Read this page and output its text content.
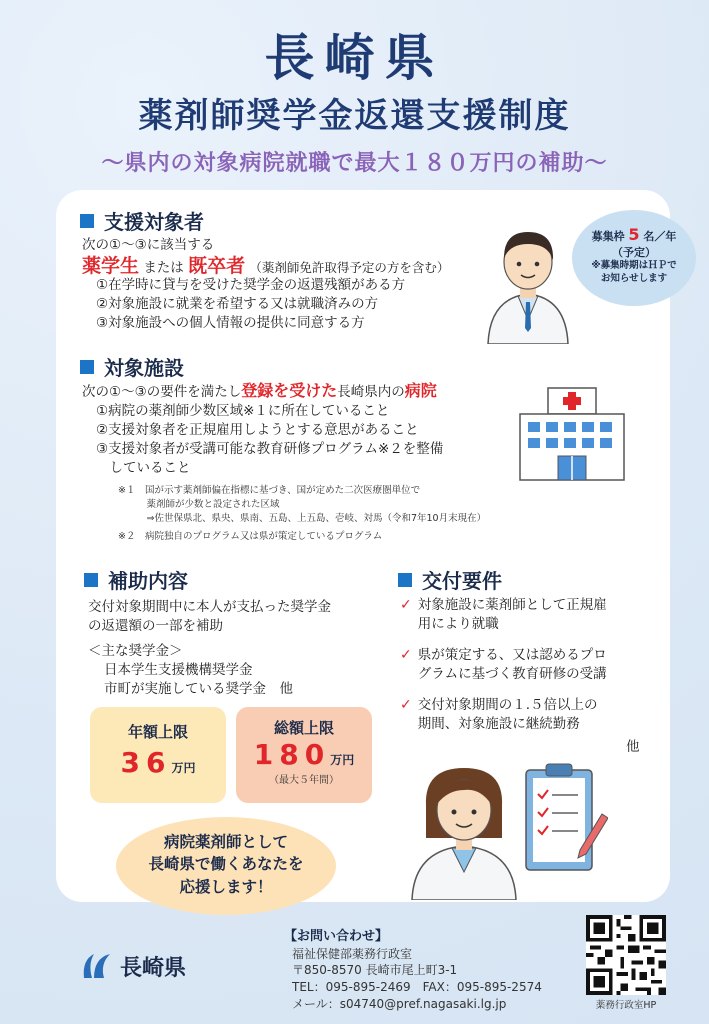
長崎県
薬剤師奨学金返還支援制度
〜県内の対象病院就職で最大１８０万円の補助〜
募集枠 5 名／年
（予定）
※募集時期はＨＰで
お知らせします
支援対象者
次の①〜③に該当する
薬学生 または 既卒者 （薬剤師免許取得予定の方を含む）
①在学時に貸与を受けた奨学金の返還残額がある方
②対象施設に就業を希望する又は就職済みの方
③対象施設への個人情報の提供に同意する方
対象施設
次の①〜③の要件を満たし登録を受けた長崎県内の病院
①病院の薬剤師少数区域※１に所在していること
②支援対象者を正規雇用しようとする意思があること
③支援対象者が受講可能な教育研修プログラム※２を整備
　していること
※１　国が示す薬剤師偏在指標に基づき、国が定めた二次医療圏単位で
　　　薬剤師が少数と設定された区域
　　　⇒佐世保県北、県央、県南、五島、上五島、壱岐、対馬（令和7年10月末現在）
※２　病院独自のプログラム又は県が策定しているプログラム
補助内容
交付対象期間中に本人が支払った奨学金
の返還額の一部を補助
＜主な奨学金＞
日本学生支援機構奨学金
市町が実施している奨学金　他
年額上限
36万円
総額上限
180万円
（最大５年間）
交付要件
✓ 対象施設に薬剤師として正規雇
用により就職
✓ 県が策定する、又は認めるプロ
グラムに基づく教育研修の受講
✓ 交付対象期間の１.５倍以上の
期間、対象施設に継続勤務
他
病院薬剤師として
長崎県で働くあなたを
応援します！
長崎県
【お問い合わせ】
福祉保健部薬務行政室
〒850-8570 長崎市尾上町3-1
TEL：095-895-2469　FAX：095-895-2574
メール：s04740@pref.nagasaki.lg.jp	薬務行政室HP
